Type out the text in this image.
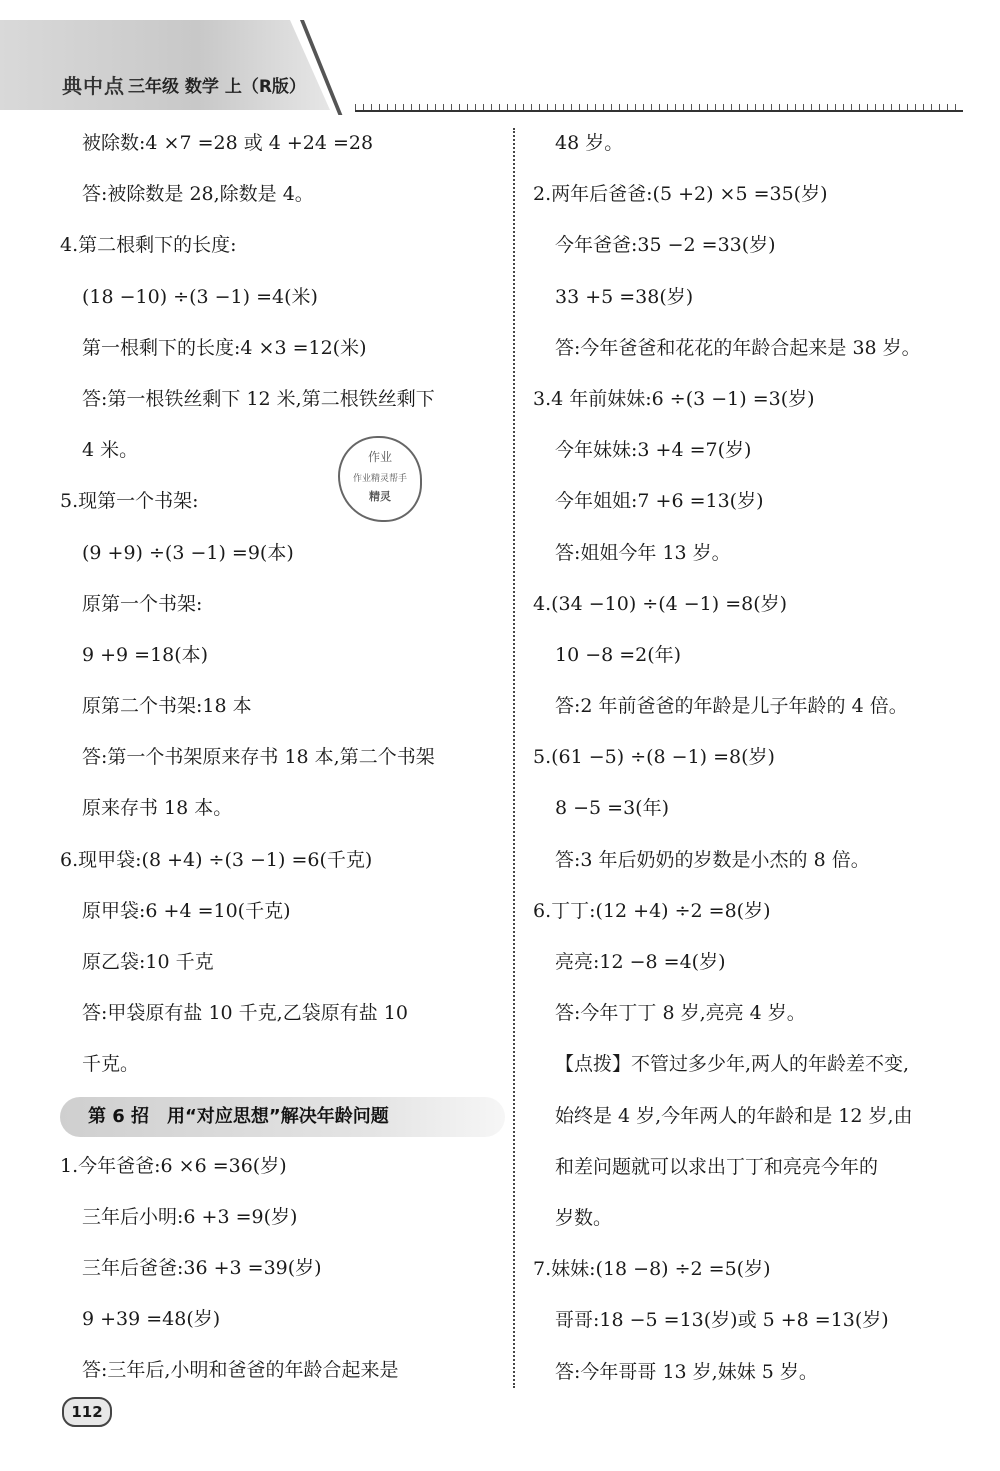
典中点 三年级 数学 上（R版）
被除数:4 ×7 =28 或 4 +24 =28
答:被除数是 28,除数是 4。
4.第二根剩下的长度:
(18 −10) ÷(3 −1) =4(米)
第一根剩下的长度:4 ×3 =12(米)
答:第一根铁丝剩下 12 米,第二根铁丝剩下
4 米。
5.现第一个书架:
(9 +9) ÷(3 −1) =9(本)
原第一个书架:
9 +9 =18(本)
原第二个书架:18 本
答:第一个书架原来存书 18 本,第二个书架
原来存书 18 本。
6.现甲袋:(8 +4) ÷(3 −1) =6(千克)
原甲袋:6 +4 =10(千克)
原乙袋:10 千克
答:甲袋原有盐 10 千克,乙袋原有盐 10
千克。
第 6 招　用“对应思想”解决年龄问题
1.今年爸爸:6 ×6 =36(岁)
三年后小明:6 +3 =9(岁)
三年后爸爸:36 +3 =39(岁)
9 +39 =48(岁)
答:三年后,小明和爸爸的年龄合起来是
48 岁。
2.两年后爸爸:(5 +2) ×5 =35(岁)
今年爸爸:35 −2 =33(岁)
33 +5 =38(岁)
答:今年爸爸和花花的年龄合起来是 38 岁。
3.4 年前妹妹:6 ÷(3 −1) =3(岁)
今年妹妹:3 +4 =7(岁)
今年姐姐:7 +6 =13(岁)
答:姐姐今年 13 岁。
4.(34 −10) ÷(4 −1) =8(岁)
10 −8 =2(年)
答:2 年前爸爸的年龄是儿子年龄的 4 倍。
5.(61 −5) ÷(8 −1) =8(岁)
8 −5 =3(年)
答:3 年后奶奶的岁数是小杰的 8 倍。
6.丁丁:(12 +4) ÷2 =8(岁)
亮亮:12 −8 =4(岁)
答:今年丁丁 8 岁,亮亮 4 岁。
【点拨】不管过多少年,两人的年龄差不变,
始终是 4 岁,今年两人的年龄和是 12 岁,由
和差问题就可以求出丁丁和亮亮今年的
岁数。
7.妹妹:(18 −8) ÷2 =5(岁)
哥哥:18 −5 =13(岁)或 5 +8 =13(岁)
答:今年哥哥 13 岁,妹妹 5 岁。
作业
作业精灵帮手
精灵
112
